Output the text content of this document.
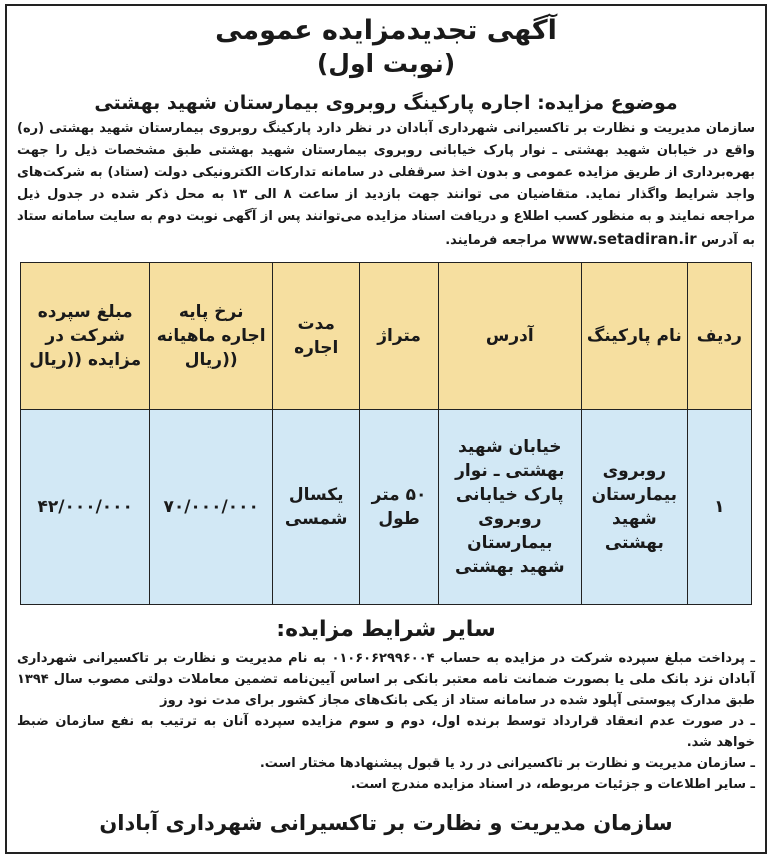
آگهی تجدیدمزایده عمومی
(نوبت اول)
موضوع مزایده: اجاره پارکینگ روبروی بیمارستان شهید بهشتی
سازمان مدیریت و نظارت بر تاکسیرانی شهرداری آبادان در نظر دارد پارکینگ روبروی بیمارستان شهید بهشتی (ره) واقع در خیابان شهید بهشتی ـ نوار پارک خیابانی روبروی بیمارستان شهید بهشتی طبق مشخصات ذیل را جهت بهره‌برداری از طریق مزایده عمومی و بدون اخذ سرقفلی در سامانه تدارکات الکترونیکی دولت (ستاد) به شرکت‌های واجد شرایط واگذار نماید. متقاضیان می توانند جهت بازدید از ساعت ۸ الی ۱۳ به محل ذکر شده در جدول ذیل مراجعه نمایند و به منظور کسب اطلاع و دریافت اسناد مزایده می‌توانند پس از آگهی نوبت دوم به سایت سامانه ستاد به آدرس www.setadiran.ir مراجعه فرمایند.
ردیف	نام پارکینگ	آدرس	متراژ	مدت اجاره	نرخ پایه اجاره ماهیانه ((ریال	مبلغ سپرده شرکت در مزایده ((ریال
۱	روبروی بیمارستان شهید بهشتی	خیابان شهید بهشتی ـ نوار پارک خیابانی روبروی بیمارستان شهید بهشتی	۵۰ متر طول	یکسال شمسی	۷۰/۰۰۰/۰۰۰	۴۲/۰۰۰/۰۰۰
سایر شرایط مزایده:

ـ پرداخت مبلغ سپرده شرکت در مزایده به حساب ۰۱۰۶۰۶۲۹۹۶۰۰۴ به نام مدیریت و نظارت بر تاکسیرانی شهرداری آبادان نزد بانک ملی یا بصورت ضمانت نامه معتبر بانکی بر اساس آیین‌نامه تضمین معاملات دولتی مصوب سال ۱۳۹۴ طبق مدارک پیوستی آپلود شده در سامانه ستاد از یکی بانک‌های مجاز کشور برای مدت نود روز

ـ در صورت عدم انعقاد قرارداد توسط برنده اول، دوم و سوم مزایده سپرده آنان به ترتیب به نفع سازمان ضبط خواهد شد.

ـ سازمان مدیریت و نظارت بر تاکسیرانی در رد یا قبول پیشنهادها مختار است.

ـ سایر اطلاعات و جزئیات مربوطه، در اسناد مزایده مندرج است.

سازمان مدیریت و نظارت بر تاکسیرانی شهرداری آبادان
